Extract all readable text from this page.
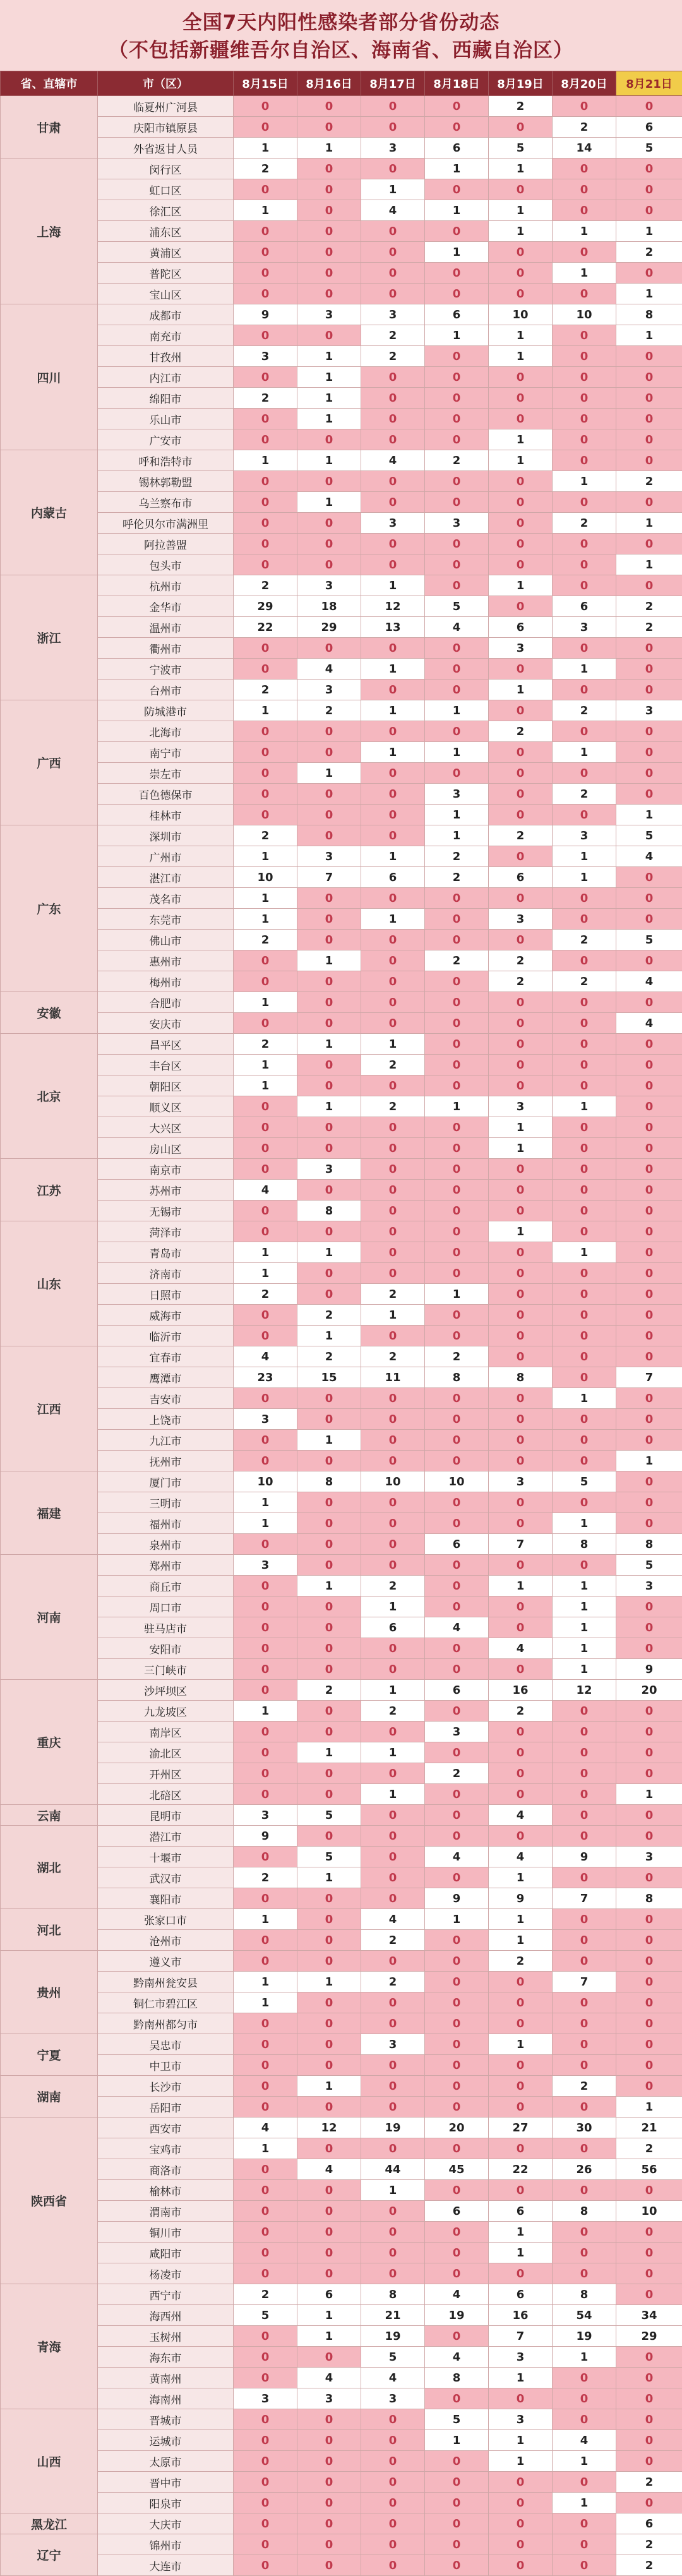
全国7天内阳性感染者部分省份动态
（不包括新疆维吾尔自治区、海南省、西藏自治区）
省、直辖市	市（区）	8月15日	8月16日	8月17日	8月18日	8月19日	8月20日	8月21日
甘肃	临夏州广河县	0	0	0	0	2	0	0
	庆阳市镇原县	0	0	0	0	0	2	6
	外省返甘人员	1	1	3	6	5	14	5
上海	闵行区	2	0	0	1	1	0	0
	虹口区	0	0	1	0	0	0	0
	徐汇区	1	0	4	1	1	0	0
	浦东区	0	0	0	0	1	1	1
	黄浦区	0	0	0	1	0	0	2
	普陀区	0	0	0	0	0	1	0
	宝山区	0	0	0	0	0	0	1
四川	成都市	9	3	3	6	10	10	8
	南充市	0	0	2	1	1	0	1
	甘孜州	3	1	2	0	1	0	0
	内江市	0	1	0	0	0	0	0
	绵阳市	2	1	0	0	0	0	0
	乐山市	0	1	0	0	0	0	0
	广安市	0	0	0	0	1	0	0
内蒙古	呼和浩特市	1	1	4	2	1	0	0
	锡林郭勒盟	0	0	0	0	0	1	2
	乌兰察布市	0	1	0	0	0	0	0
	呼伦贝尔市满洲里	0	0	3	3	0	2	1
	阿拉善盟	0	0	0	0	0	0	0
	包头市	0	0	0	0	0	0	1
浙江	杭州市	2	3	1	0	1	0	0
	金华市	29	18	12	5	0	6	2
	温州市	22	29	13	4	6	3	2
	衢州市	0	0	0	0	3	0	0
	宁波市	0	4	1	0	0	1	0
	台州市	2	3	0	0	1	0	0
广西	防城港市	1	2	1	1	0	2	3
	北海市	0	0	0	0	2	0	0
	南宁市	0	0	1	1	0	1	0
	崇左市	0	1	0	0	0	0	0
	百色德保市	0	0	0	3	0	2	0
	桂林市	0	0	0	1	0	0	1
广东	深圳市	2	0	0	1	2	3	5
	广州市	1	3	1	2	0	1	4
	湛江市	10	7	6	2	6	1	0
	茂名市	1	0	0	0	0	0	0
	东莞市	1	0	1	0	3	0	0
	佛山市	2	0	0	0	0	2	5
	惠州市	0	1	0	2	2	0	0
	梅州市	0	0	0	0	2	2	4
安徽	合肥市	1	0	0	0	0	0	0
	安庆市	0	0	0	0	0	0	4
北京	昌平区	2	1	1	0	0	0	0
	丰台区	1	0	2	0	0	0	0
	朝阳区	1	0	0	0	0	0	0
	顺义区	0	1	2	1	3	1	0
	大兴区	0	0	0	0	1	0	0
	房山区	0	0	0	0	1	0	0
江苏	南京市	0	3	0	0	0	0	0
	苏州市	4	0	0	0	0	0	0
	无锡市	0	8	0	0	0	0	0
山东	菏泽市	0	0	0	0	1	0	0
	青岛市	1	1	0	0	0	1	0
	济南市	1	0	0	0	0	0	0
	日照市	2	0	2	1	0	0	0
	威海市	0	2	1	0	0	0	0
	临沂市	0	1	0	0	0	0	0
江西	宜春市	4	2	2	2	0	0	0
	鹰潭市	23	15	11	8	8	0	7
	吉安市	0	0	0	0	0	1	0
	上饶市	3	0	0	0	0	0	0
	九江市	0	1	0	0	0	0	0
	抚州市	0	0	0	0	0	0	1
福建	厦门市	10	8	10	10	3	5	0
	三明市	1	0	0	0	0	0	0
	福州市	1	0	0	0	0	1	0
	泉州市	0	0	0	6	7	8	8
河南	郑州市	3	0	0	0	0	0	5
	商丘市	0	1	2	0	1	1	3
	周口市	0	0	1	0	0	1	0
	驻马店市	0	0	6	4	0	1	0
	安阳市	0	0	0	0	4	1	0
	三门峡市	0	0	0	0	0	1	9
重庆	沙坪坝区	0	2	1	6	16	12	20
	九龙坡区	1	0	2	0	2	0	0
	南岸区	0	0	0	3	0	0	0
	渝北区	0	1	1	0	0	0	0
	开州区	0	0	0	2	0	0	0
	北碚区	0	0	1	0	0	0	1
云南	昆明市	3	5	0	0	4	0	0
湖北	潜江市	9	0	0	0	0	0	0
	十堰市	0	5	0	4	4	9	3
	武汉市	2	1	0	0	1	0	0
	襄阳市	0	0	0	9	9	7	8
河北	张家口市	1	0	4	1	1	0	0
	沧州市	0	0	2	0	1	0	0
贵州	遵义市	0	0	0	0	2	0	0
	黔南州瓮安县	1	1	2	0	0	7	0
	铜仁市碧江区	1	0	0	0	0	0	0
	黔南州都匀市	0	0	0	0	0	0	0
宁夏	吴忠市	0	0	3	0	1	0	0
	中卫市	0	0	0	0	0	0	0
湖南	长沙市	0	1	0	0	0	2	0
	岳阳市	0	0	0	0	0	0	1
陕西省	西安市	4	12	19	20	27	30	21
	宝鸡市	1	0	0	0	0	0	2
	商洛市	0	4	44	45	22	26	56
	榆林市	0	0	1	0	0	0	0
	渭南市	0	0	0	6	6	8	10
	铜川市	0	0	0	0	1	0	0
	咸阳市	0	0	0	0	1	0	0
	杨凌市	0	0	0	0	0	0	0
青海	西宁市	2	6	8	4	6	8	0
	海西州	5	1	21	19	16	54	34
	玉树州	0	1	19	0	7	19	29
	海东市	0	0	5	4	3	1	0
	黄南州	0	4	4	8	1	0	0
	海南州	3	3	3	0	0	0	0
山西	晋城市	0	0	0	5	3	0	0
	运城市	0	0	0	1	1	4	0
	太原市	0	0	0	0	1	1	0
	晋中市	0	0	0	0	0	0	2
	阳泉市	0	0	0	0	0	1	0
黑龙江	大庆市	0	0	0	0	0	0	6
辽宁	锦州市	0	0	0	0	0	0	2
	大连市	0	0	0	0	0	0	2
